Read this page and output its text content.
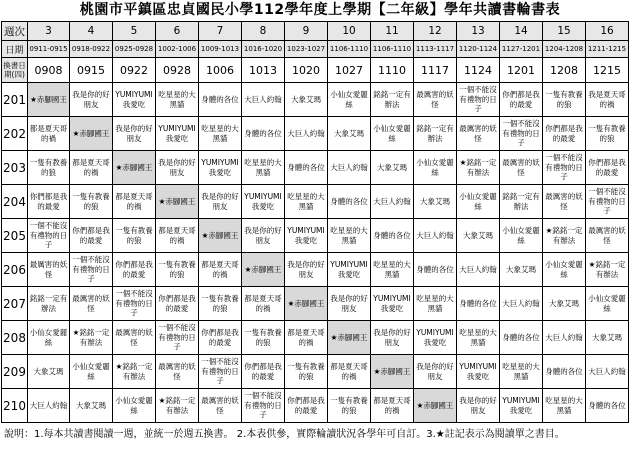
桃園市平鎮區忠貞國民小學112學年度上學期【二年級】學年共讀書輪書表
週次	3	4	5	6	7	8	9	10	11	12	13	14	15	16
日期	0911-0915	0918-0922	0925-0928	1002-1006	1009-1013	1016-1020	1023-1027	1106-1110	1106-1110	1113-1117	1120-1124	1127-1201	1204-1208	1211-1215
換書日期(四)	0908	0915	0922	0928	1006	1013	1020	1027	1110	1117	1124	1201	1208	1215
201	★赤腳國王	我是你的好朋友	YUMIYUMI我愛吃	吃星星的大黑貓	身體的各位	大巨人約翰	大象艾瑪	小仙女愛麗絲	銘銘一定有辦法	最厲害的妖怪	一個不能沒有禮物的日子	你們都是我的最愛	一隻有教養的狼	我是夏天哥的禍

202	都是夏天哥的禍	★赤腳國王	我是你的好朋友	YUMIYUMI我愛吃	吃星星的大黑貓	身體的各位	大巨人約翰	大象艾瑪	小仙女愛麗絲	銘銘一定有辦法	最厲害的妖怪	一個不能沒有禮物的日子	你們都是我的最愛	一隻有教養的狼

203	一隻有教養的狼	都是夏天哥的禍	★赤腳國王	我是你的好朋友	YUMIYUMI我愛吃	吃星星的大黑貓	身體的各位	大巨人約翰	大象艾瑪	小仙女愛麗絲	★銘銘一定有辦法	最厲害的妖怪	一個不能沒有禮物的日子	你們都是我的最愛

204	你們都是我的最愛	一隻有教養的狼	都是夏天哥的禍	★赤腳國王	我是你的好朋友	YUMIYUMI我愛吃	吃星星的大黑貓	身體的各位	大巨人約翰	大象艾瑪	小仙女愛麗絲	銘銘一定有辦法	最厲害的妖怪	一個不能沒有禮物的日子

205	一個不能沒有禮物的日子	你們都是我的最愛	一隻有教養的狼	都是夏天哥的禍	★赤腳國王	我是你的好朋友	YUMIYUMI我愛吃	吃星星的大黑貓	身體的各位	大巨人約翰	大象艾瑪	小仙女愛麗絲	★銘銘一定有辦法	最厲害的妖怪

206	最厲害的妖怪	一個不能沒有禮物的日子	你們都是我的最愛	一隻有教養的狼	都是夏天哥的禍	★赤腳國王	我是你的好朋友	YUMIYUMI我愛吃	吃星星的大黑貓	身體的各位	大巨人約翰	大象艾瑪	小仙女愛麗絲	★銘銘一定有辦法

207	銘銘一定有辦法	最厲害的妖怪	一個不能沒有禮物的日子	你們都是我的最愛	一隻有教養的狼	都是夏天哥的禍	★赤腳國王	我是你的好朋友	YUMIYUMI我愛吃	吃星星的大黑貓	身體的各位	大巨人約翰	大象艾瑪	小仙女愛麗絲

208	小仙女愛麗絲	★銘銘一定有辦法	最厲害的妖怪	一個不能沒有禮物的日子	你們都是我的最愛	一隻有教養的狼	都是夏天哥的禍	★赤腳國王	我是你的好朋友	YUMIYUMI我愛吃	吃星星的大黑貓	身體的各位	大巨人約翰	大象艾瑪

209	大象艾瑪	小仙女愛麗絲	★銘銘一定有辦法	最厲害的妖怪	一個不能沒有禮物的日子	你們都是我的最愛	一隻有教養的狼	都是夏天哥的禍	★赤腳國王	我是你的好朋友	YUMIYUMI我愛吃	吃星星的大黑貓	身體的各位	大巨人約翰

210	大巨人約翰	大象艾瑪	小仙女愛麗絲	★銘銘一定有辦法	最厲害的妖怪	一個不能沒有禮物的日子	你們都是我的最愛	一隻有教養的狼	都是夏天哥的禍	★赤腳國王	我是你的好朋友	YUMIYUMI我愛吃	吃星星的大黑貓	身體的各位
說明：1.每本共讀書閱讀一週，並統一於週五換書。 2.本表供參，實際輪讀狀況各學年可自訂。3.★註記表示為閱讀單之書目。
